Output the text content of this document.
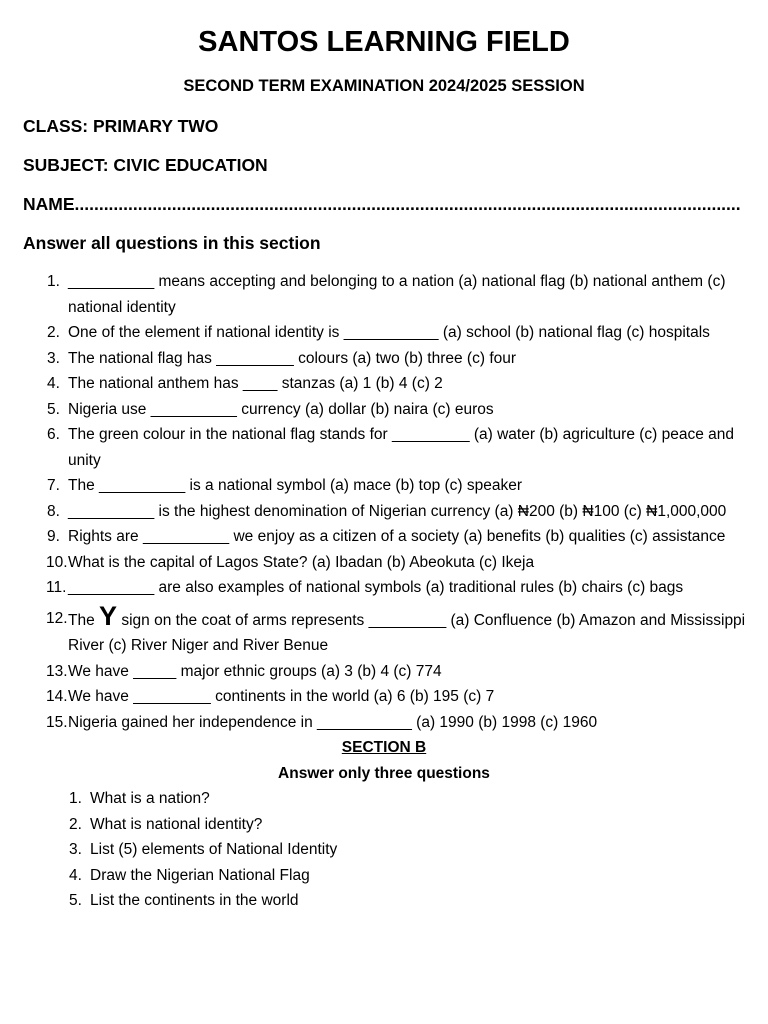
SANTOS LEARNING FIELD
SECOND TERM EXAMINATION 2024/2025 SESSION
CLASS: PRIMARY TWO
SUBJECT: CIVIC EDUCATION
NAME.........................................................................................................................................
Answer all questions in this section
1. __________ means accepting and belonging to a nation (a) national flag (b) national anthem (c) national identity
2. One of the element if national identity is ___________ (a) school (b) national flag (c) hospitals
3. The national flag has _________ colours (a) two (b) three (c) four
4. The national anthem has ____ stanzas (a) 1 (b) 4 (c) 2
5. Nigeria use __________ currency (a) dollar (b) naira (c) euros
6. The green colour in the national flag stands for _________ (a) water (b) agriculture (c) peace and unity
7. The __________ is a national symbol (a) mace (b) top (c) speaker
8. __________ is the highest denomination of Nigerian currency (a) ₦200 (b) ₦100 (c) ₦1,000,000
9. Rights are __________ we enjoy as a citizen of a society (a) benefits (b) qualities (c) assistance
10. What is the capital of Lagos State? (a) Ibadan (b) Abeokuta (c) Ikeja
11. __________ are also examples of national symbols (a) traditional rules (b) chairs (c) bags
12. The Y sign on the coat of arms represents _________ (a) Confluence (b) Amazon and Mississippi River (c) River Niger and River Benue
13. We have _____ major ethnic groups (a) 3 (b) 4 (c) 774
14. We have _________ continents in the world (a) 6 (b) 195 (c) 7
15. Nigeria gained her independence in ___________ (a) 1990 (b) 1998 (c) 1960
SECTION B
Answer only three questions
1. What is a nation?
2. What is national identity?
3. List (5) elements of National Identity
4. Draw the Nigerian National Flag
5. List the continents in the world
